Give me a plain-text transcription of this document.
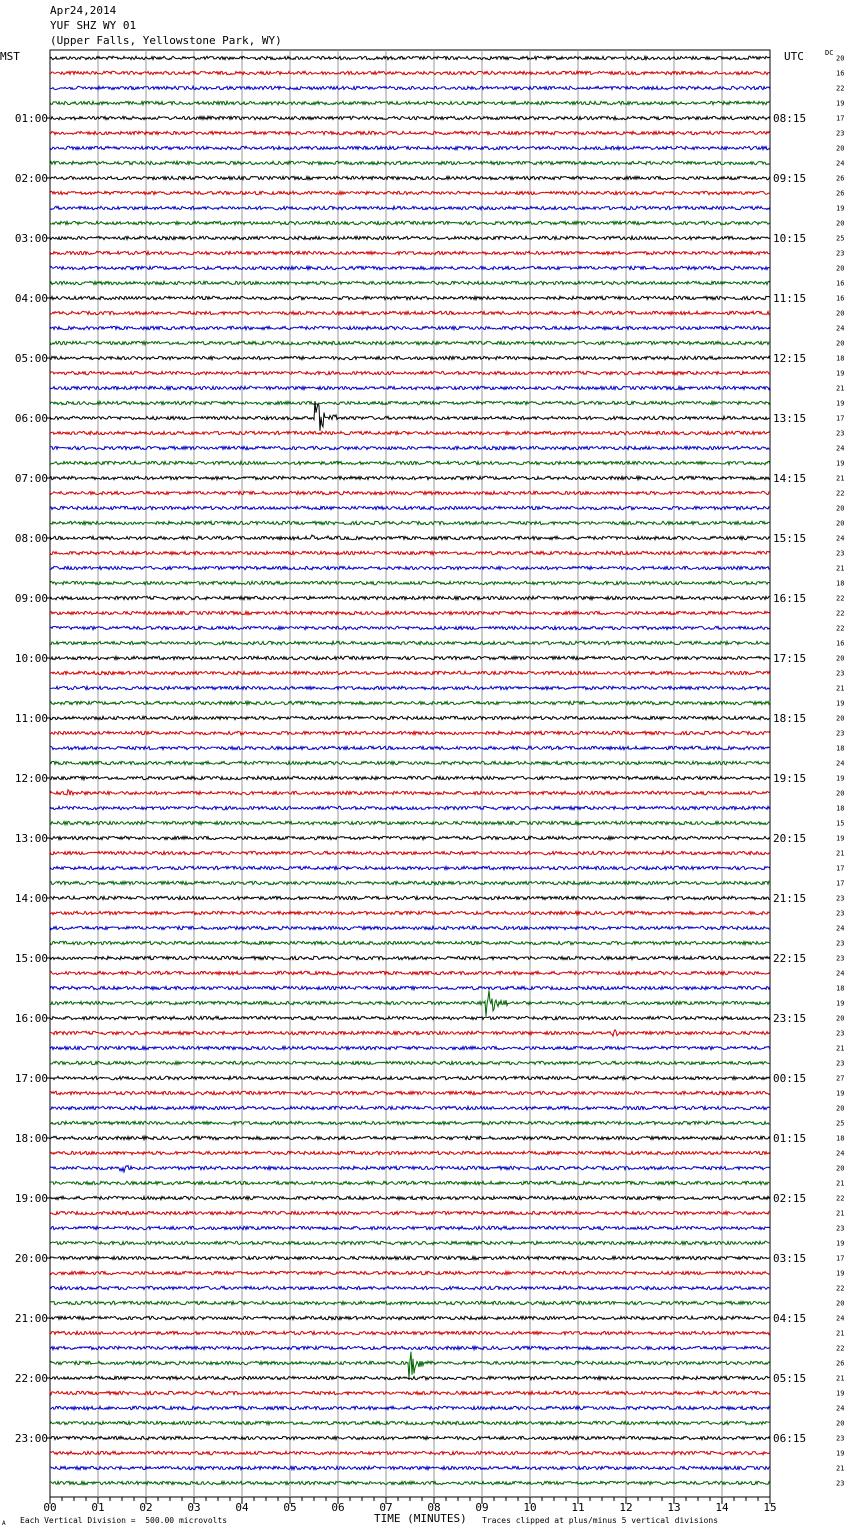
Apr24,2014
YUF SHZ WY 01
(Upper Falls, Yellowstone Park, WY)
MST	UTC	DC
20
16
22
19
17
23
20
24
26
26
19
20
25
23
20
16
16
20
24
20
18
19
21
19
17
23
24
19
21
22
20
20
24
23
21
18
22
22
22
16
20
23
21
19
20
23
18
24
19
20
18
15
19
21
17
17
23
23
24
23
23
24
18
19
20
23
21
23
27
19
20
25
18
24
20
21
22
21
23
19
17
19
22
20
24
21
22
26
21
19
24
20
23
19
21
23
01:00
02:00
03:00
04:00
05:00
06:00
07:00
08:00
09:00
10:00
11:00
12:00
13:00
14:00
15:00
16:00
17:00
18:00
19:00
20:00
21:00
22:00
23:00
08:15
09:15
10:15
11:15
12:15
13:15
14:15
15:15
16:15
17:15
18:15
19:15
20:15
21:15
22:15
23:15
00:15
01:15
02:15
03:15
04:15
05:15
06:15
00	01	02	03	04	05	06	07	08	09	10	11	12	13	14	15
TIME (MINUTES)
A Each Vertical Division =  500.00 microvolts	Traces clipped at plus/minus 5 vertical divisions
